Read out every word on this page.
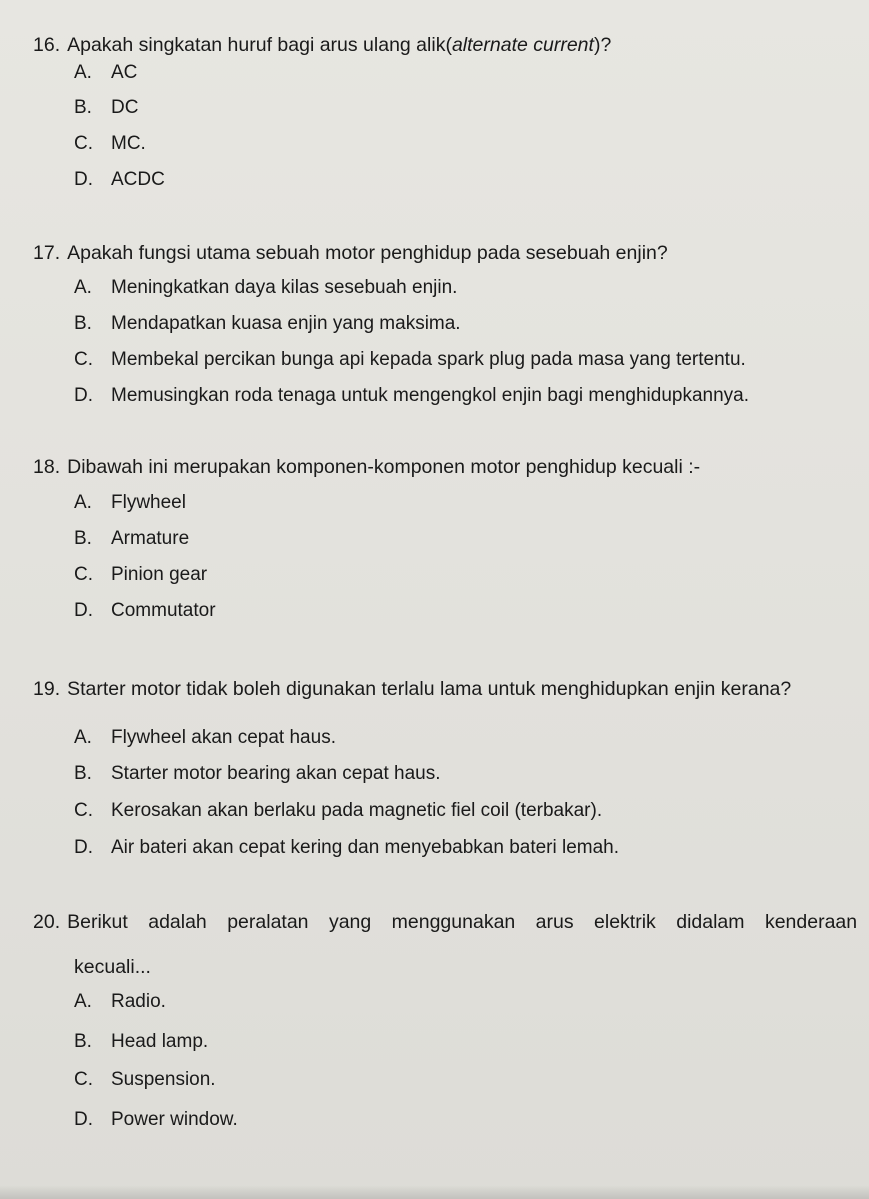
16. Apakah singkatan huruf bagi arus ulang alik(alternate current)?
A. AC
B. DC
C. MC.
D. ACDC
17. Apakah fungsi utama sebuah motor penghidup pada sesebuah enjin?
A. Meningkatkan daya kilas sesebuah enjin.
B. Mendapatkan kuasa enjin yang maksima.
C. Membekal percikan bunga api kepada spark plug pada masa yang tertentu.
D. Memusingkan roda tenaga untuk mengengkol enjin bagi menghidupkannya.
18. Dibawah ini merupakan komponen-komponen motor penghidup kecuali :-
A. Flywheel
B. Armature
C. Pinion gear
D. Commutator
19. Starter motor tidak boleh digunakan terlalu lama untuk menghidupkan enjin kerana?
A. Flywheel akan cepat haus.
B. Starter motor bearing akan cepat haus.
C. Kerosakan akan berlaku pada magnetic fiel coil (terbakar).
D. Air bateri akan cepat kering dan menyebabkan bateri lemah.
20. Berikut adalah peralatan yang menggunakan arus elektrik didalam kenderaan
kecuali...
A. Radio.
B. Head lamp.
C. Suspension.
D. Power window.
